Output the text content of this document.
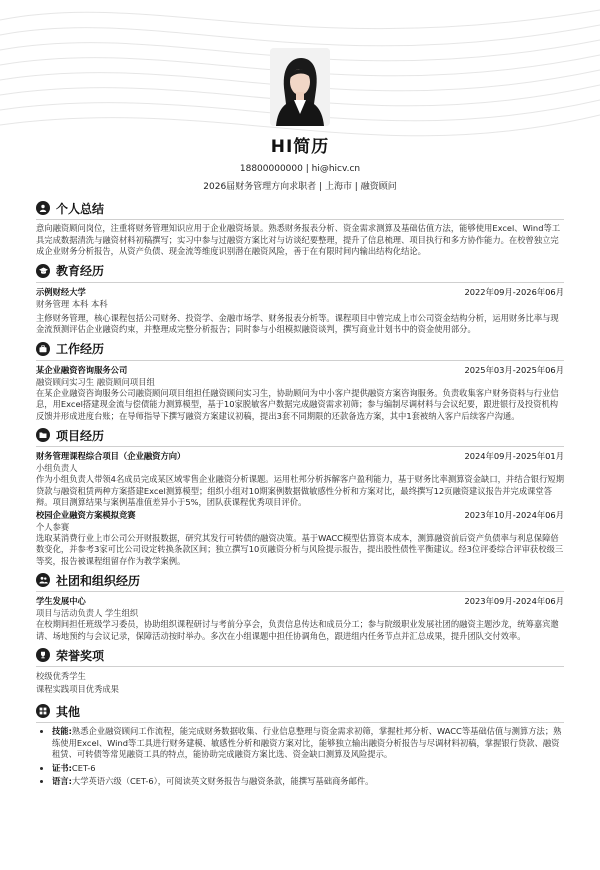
HI简历
18800000000 | hi@hicv.cn
2026届财务管理方向求职者 | 上海市 | 融资顾问
个人总结
意向融资顾问岗位，注重将财务管理知识应用于企业融资场景。熟悉财务报表分析、资金需求测算及基础估值方法，能够使用Excel、Wind等工具完成数据清洗与融资材料初稿撰写；实习中参与过融资方案比对与访谈纪要整理，提升了信息梳理、项目执行和多方协作能力。在校曾独立完成企业财务分析报告，从资产负债、现金流等维度识别潜在融资风险，善于在有限时间内输出结构化结论。
教育经历
示例财经大学	2022年09月-2026年06月
财务管理 本科 本科
主修财务管理，核心课程包括公司财务、投资学、金融市场学、财务报表分析等。课程项目中曾完成上市公司资金结构分析，运用财务比率与现金流预测评估企业融资约束，并整理成完整分析报告；同时参与小组模拟融资谈判，撰写商业计划书中的资金使用部分。
工作经历
某企业融资咨询服务公司	2025年03月-2025年06月
融资顾问实习生 融资顾问项目组
在某企业融资咨询服务公司融资顾问项目组担任融资顾问实习生，协助顾问为中小客户提供融资方案咨询服务。负责收集客户财务资料与行业信息，用Excel搭建现金流与偿债能力测算模型，基于10家脱敏客户数据完成融资需求初筛；参与编制尽调材料与会议纪要，跟进银行及投资机构反馈并形成进度台账；在导师指导下撰写融资方案建议初稿，提出3套不同期限的还款备选方案，其中1套被纳入客户后续客户沟通。
项目经历
财务管理课程综合项目（企业融资方向）	2024年09月-2025年01月
小组负责人
作为小组负责人带领4名成员完成某区域零售企业融资分析课题。运用杜邦分析拆解客户盈利能力，基于财务比率测算资金缺口，并结合银行短期贷款与融资租赁两种方案搭建Excel测算模型；组织小组对10期案例数据做敏感性分析和方案对比，最终撰写12页融资建议报告并完成课堂答辩。项目测算结果与案例基准值差异小于5%，团队获课程优秀项目评价。
校园企业融资方案模拟竞赛	2023年10月-2024年06月
个人参赛
选取某消费行业上市公司公开财报数据，研究其发行可转债的融资决策。基于WACC模型估算资本成本，测算融资前后资产负债率与利息保障倍数变化，并参考3家可比公司设定转换条款区间；独立撰写10页融资分析与风险提示报告，提出股性债性平衡建议。经3位评委综合评审获校级三等奖，报告被课程组留存作为教学案例。
社团和组织经历
学生发展中心	2023年09月-2024年06月
项目与活动负责人 学生组织
在校期间担任班级学习委员，协助组织课程研讨与考前分享会，负责信息传达和成员分工；参与院级职业发展社团的融资主题沙龙，统筹嘉宾邀请、场地预约与会议记录，保障活动按时举办。多次在小组课题中担任协调角色，跟进组内任务节点并汇总成果，提升团队交付效率。
荣誉奖项
校级优秀学生
课程实践项目优秀成果
其他
• 技能:熟悉企业融资顾问工作流程，能完成财务数据收集、行业信息整理与资金需求初筛，掌握杜邦分析、WACC等基础估值与测算方法；熟练使用Excel、Wind等工具进行财务建模、敏感性分析和融资方案对比，能够独立输出融资分析报告与尽调材料初稿，掌握银行贷款、融资租赁、可转债等常见融资工具的特点，能协助完成融资方案比选、资金缺口测算及风险提示。
• 证书:CET-6
• 语言:大学英语六级（CET-6），可阅读英文财务报告与融资条款，能撰写基础商务邮件。
